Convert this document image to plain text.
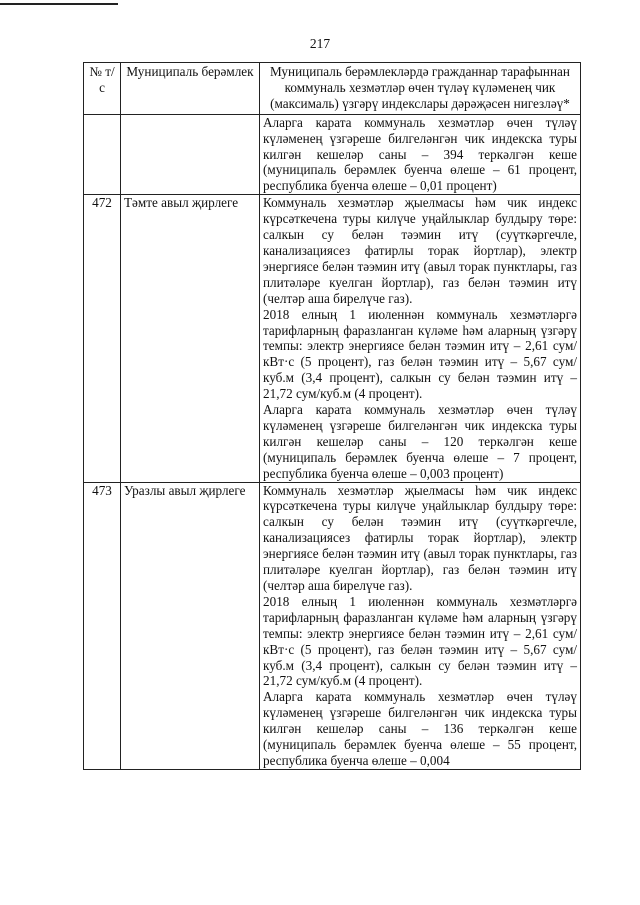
217
№ т/с	Муниципаль берәмлек	Муниципаль берәмлекләрдә гражданнар тарафыннан коммуналь хезмәтләр өчен түләү күләменең чик (максималь) үзгәрү индекслары дәрәҗәсен нигезләү*

		Аларга карата коммуналь хезмәтләр өчен түләү күләменең үзгәреше билгеләнгән чик индекска туры килгән кешеләр саны – 394 теркәлгән кеше (муниципаль берәмлек буенча өлеше – 61 процент, республика буенча өлеше – 0,01 процент)

472	Тәмте авыл җирлеге	Коммуналь хезмәтләр җыелмасы һәм чик индекс күрсәткечена туры килүче уңайлыклар булдыру төре: салкын су белән тәэмин итү (суүткәргечле, канализациясез фатирлы торак йортлар), электр энергиясе белән тәэмин итү (авыл торак пунктлары, газ плитәләре куелган йортлар), газ белән тәэмин итү (челтәр аша бирелүче газ).
2018 елның 1 июленнән коммуналь хезмәтләргә тарифларның фаразланган күләме һәм аларның үзгәрү темпы: электр энергиясе белән тәэмин итү – 2,61 сум/кВт·с (5 процент), газ белән тәэмин итү – 5,67 сум/куб.м (3,4 процент), салкын су белән тәэмин итү – 21,72 сум/куб.м (4 процент).
Аларга карата коммуналь хезмәтләр өчен түләү күләменең үзгәреше билгеләнгән чик индекска туры килгән кешеләр саны – 120 теркәлгән кеше (муниципаль берәмлек буенча өлеше – 7 процент, республика буенча өлеше – 0,003 процент)

473	Уразлы авыл җирлеге	Коммуналь хезмәтләр җыелмасы һәм чик индекс күрсәткечена туры килүче уңайлыклар булдыру төре: салкын су белән тәэмин итү (суүткәргечле, канализациясез фатирлы торак йортлар), электр энергиясе белән тәэмин итү (авыл торак пунктлары, газ плитәләре куелган йортлар), газ белән тәэмин итү (челтәр аша бирелүче газ).
2018 елның 1 июленнән коммуналь хезмәтләргә тарифларның фаразланган күләме һәм аларның үзгәрү темпы: электр энергиясе белән тәэмин итү – 2,61 сум/кВт·с (5 процент), газ белән тәэмин итү – 5,67 сум/куб.м (3,4 процент), салкын су белән тәэмин итү – 21,72 сум/куб.м (4 процент).
Аларга карата коммуналь хезмәтләр өчен түләү күләменең үзгәреше билгеләнгән чик индекска туры килгән кешеләр саны – 136 теркәлгән кеше (муниципаль берәмлек буенча өлеше – 55 процент, республика буенча өлеше – 0,004
